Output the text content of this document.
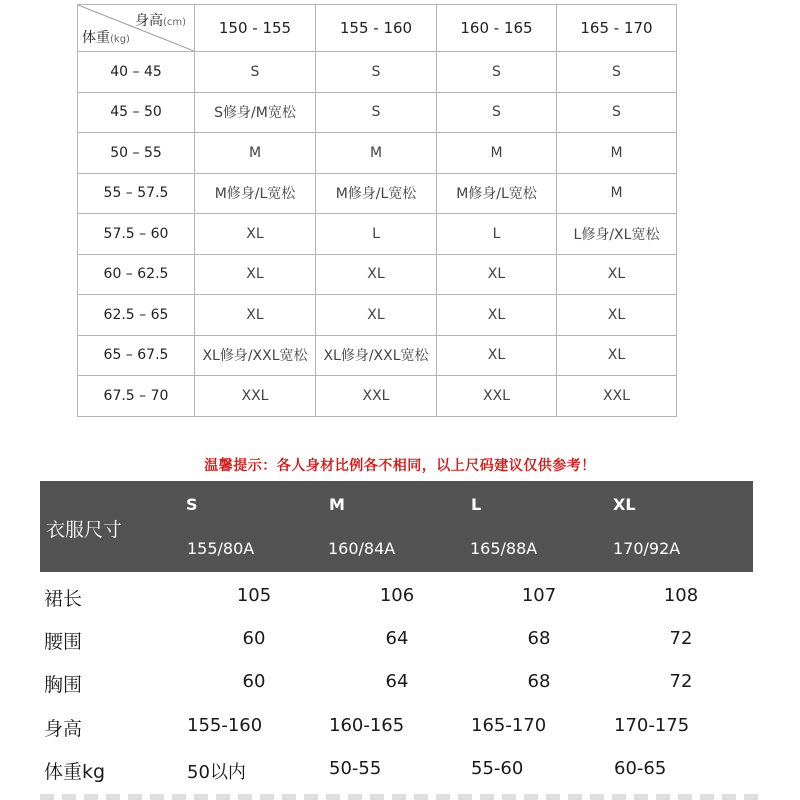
身高(cm)
体重(kg)	150 - 155	155 - 160	160 - 165	165 - 170
40 – 45	S	S	S	S
45 – 50	S修身/M宽松	S	S	S
50 – 55	M	M	M	M
55 – 57.5	M修身/L宽松	M修身/L宽松	M修身/L宽松	M
57.5 – 60	XL	L	L	L修身/XL宽松
60 – 62.5	XL	XL	XL	XL
62.5 – 65	XL	XL	XL	XL
65 – 67.5	XL修身/XXL宽松	XL修身/XXL宽松	XL	XL
67.5 – 70	XXL	XXL	XXL	XXL
温馨提示：各人身材比例各不相同，以上尺码建议仅供参考！
衣服尺寸
S	M	L	XL
155/80A	160/84A	165/88A	170/92A
裙长	105	106	107	108
腰围	60	64	68	72
胸围	60	64	68	72
身高	155-160	160-165	165-170	170-175
体重kg	50以内	50-55	55-60	60-65
